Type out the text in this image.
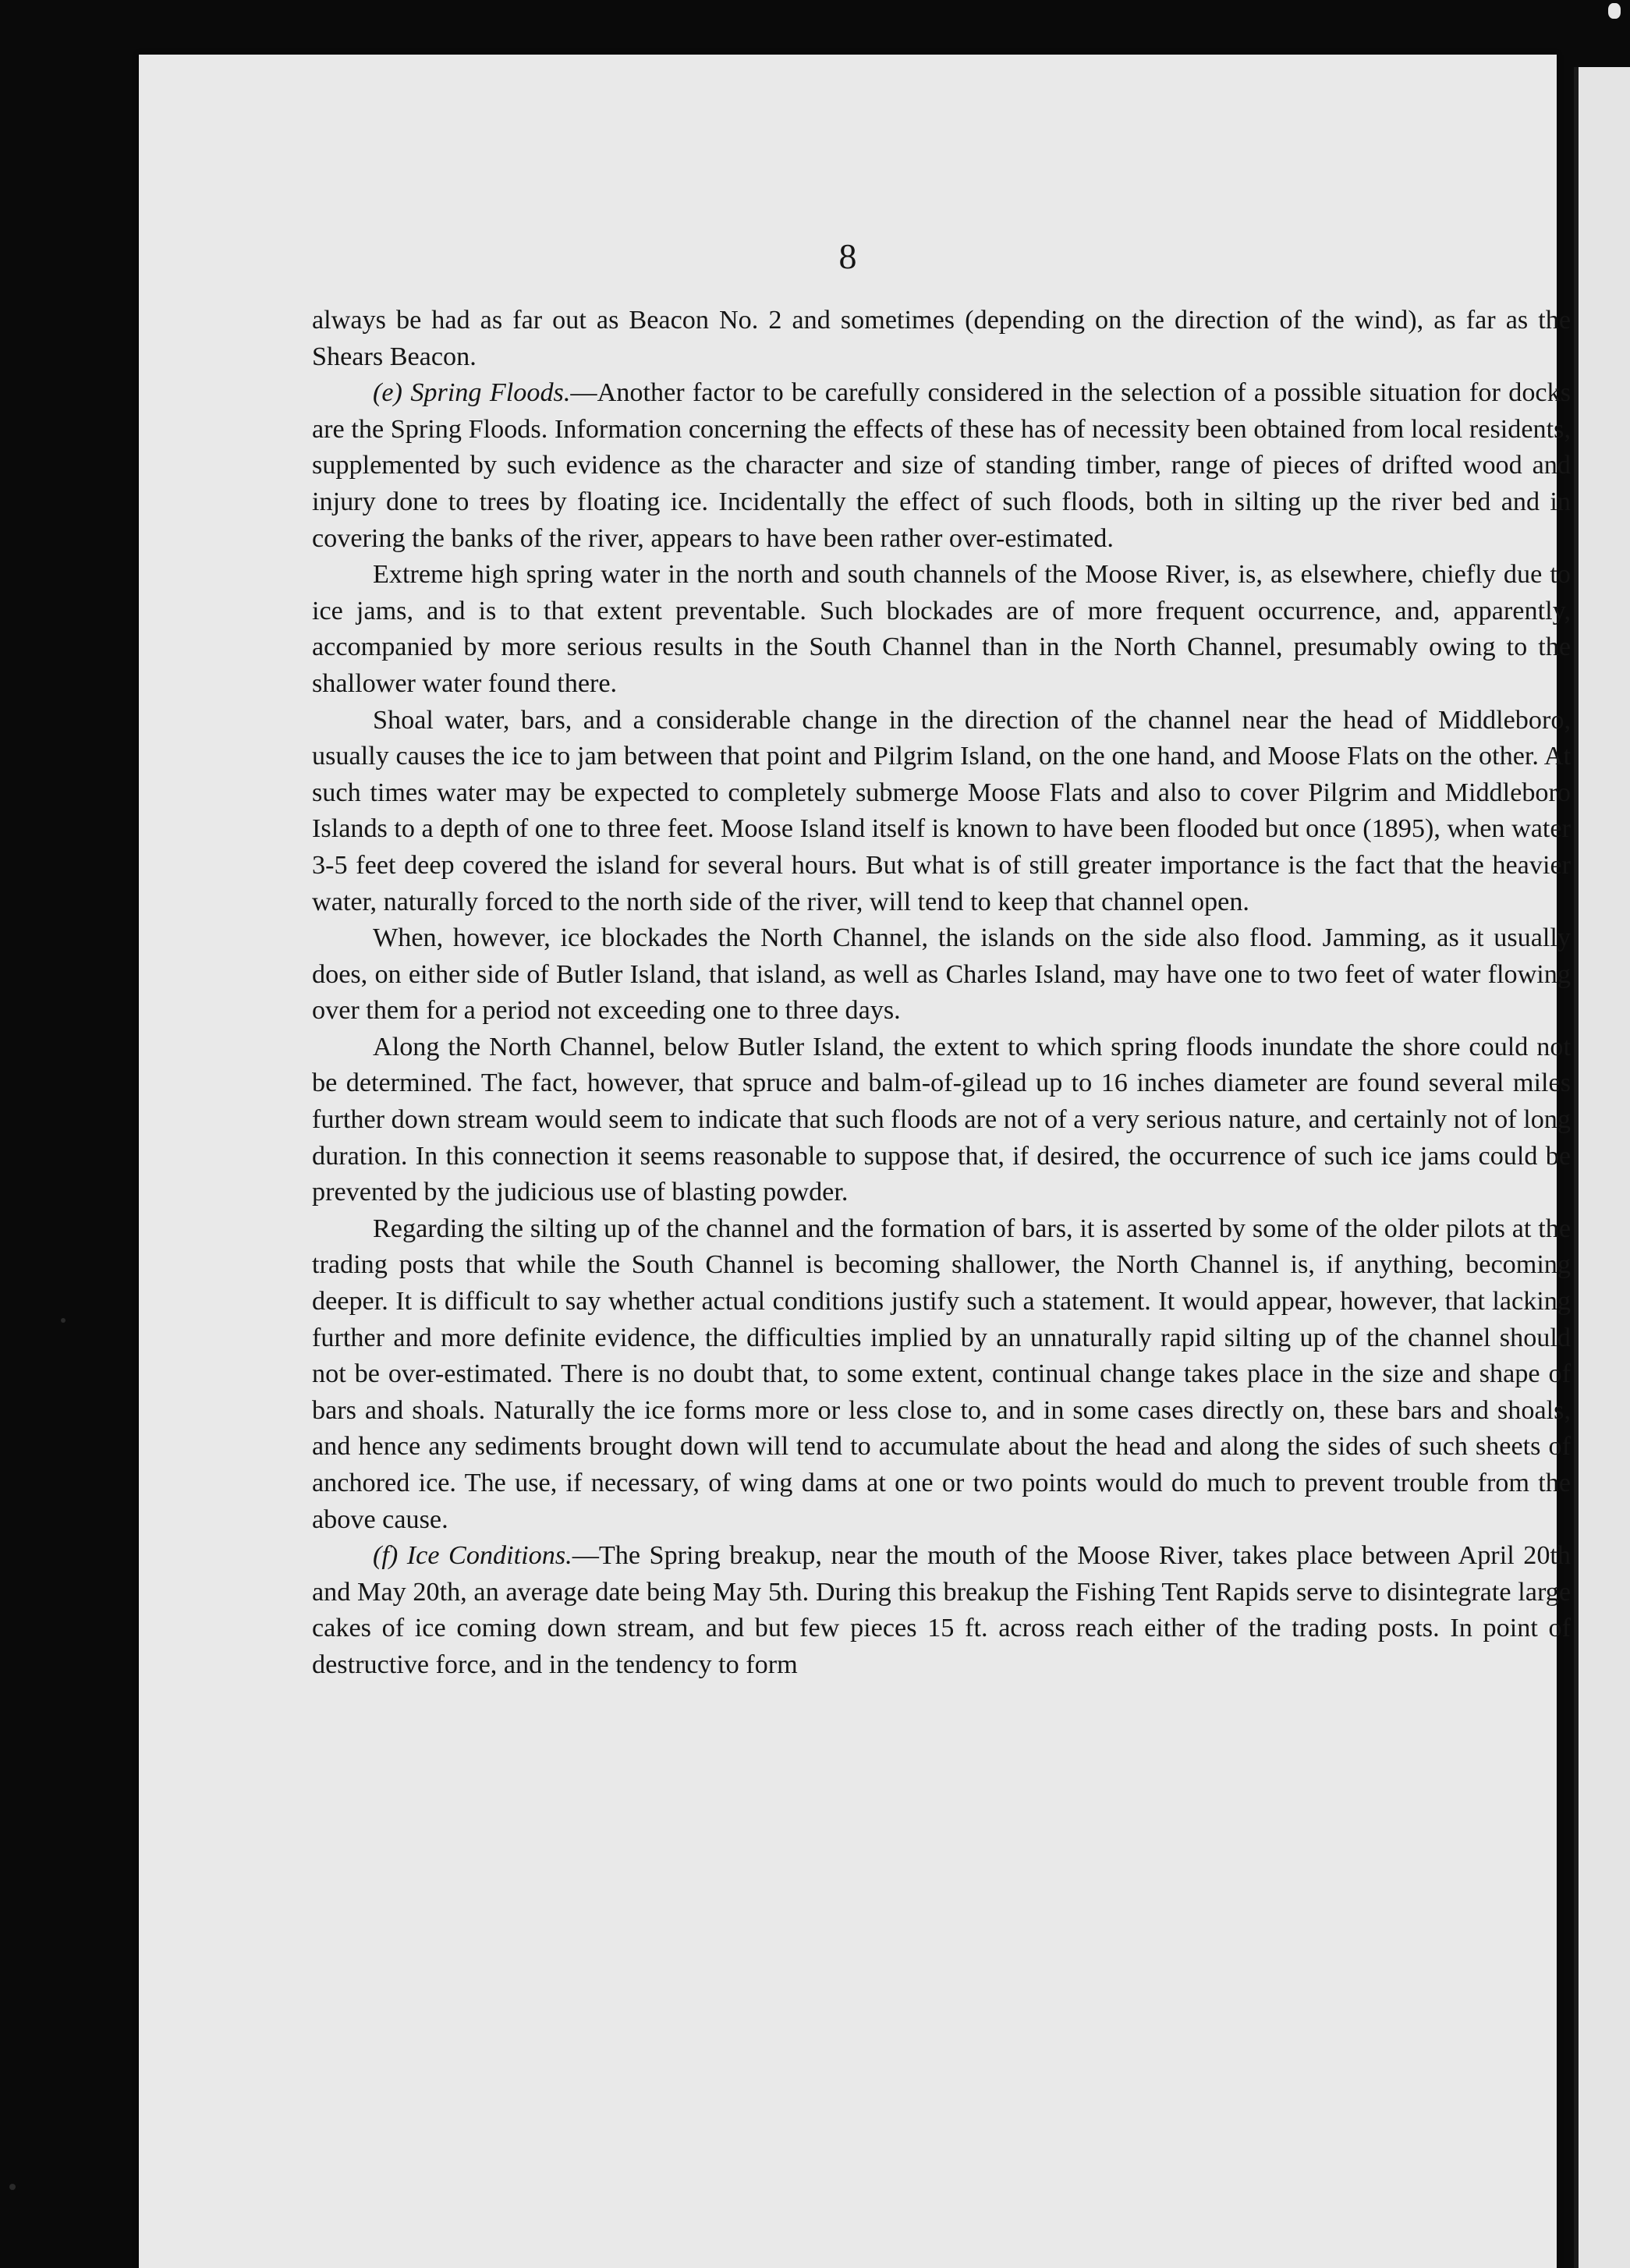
8

always be had as far out as Beacon No. 2 and sometimes (depending on the direction of the wind), as far as the Shears Beacon.

(e) Spring Floods.—Another factor to be carefully considered in the selection of a possible situation for docks are the Spring Floods. Information concerning the effects of these has of necessity been obtained from local residents, supplemented by such evidence as the character and size of standing timber, range of pieces of drifted wood and injury done to trees by floating ice. Incidentally the effect of such floods, both in silting up the river bed and in covering the banks of the river, appears to have been rather over-estimated.

Extreme high spring water in the north and south channels of the Moose River, is, as elsewhere, chiefly due to ice jams, and is to that extent preventable. Such blockades are of more frequent occurrence, and, apparently, accompanied by more serious results in the South Channel than in the North Channel, presumably owing to the shallower water found there.

Shoal water, bars, and a considerable change in the direction of the channel near the head of Middleboro, usually causes the ice to jam between that point and Pilgrim Island, on the one hand, and Moose Flats on the other. At such times water may be expected to completely submerge Moose Flats and also to cover Pilgrim and Middleboro Islands to a depth of one to three feet. Moose Island itself is known to have been flooded but once (1895), when water 3-5 feet deep covered the island for several hours. But what is of still greater importance is the fact that the heavier water, naturally forced to the north side of the river, will tend to keep that channel open.

When, however, ice blockades the North Channel, the islands on the side also flood. Jamming, as it usually does, on either side of Butler Island, that island, as well as Charles Island, may have one to two feet of water flowing over them for a period not exceeding one to three days.

Along the North Channel, below Butler Island, the extent to which spring floods inundate the shore could not be determined. The fact, however, that spruce and balm-of-gilead up to 16 inches diameter are found several miles further down stream would seem to indicate that such floods are not of a very serious nature, and certainly not of long duration. In this connection it seems reasonable to suppose that, if desired, the occurrence of such ice jams could be prevented by the judicious use of blasting powder.

Regarding the silting up of the channel and the formation of bars, it is asserted by some of the older pilots at the trading posts that while the South Channel is becoming shallower, the North Channel is, if anything, becoming deeper. It is difficult to say whether actual conditions justify such a statement. It would appear, however, that lacking further and more definite evidence, the difficulties implied by an unnaturally rapid silting up of the channel should not be over-estimated. There is no doubt that, to some extent, continual change takes place in the size and shape of bars and shoals. Naturally the ice forms more or less close to, and in some cases directly on, these bars and shoals, and hence any sediments brought down will tend to accumulate about the head and along the sides of such sheets of anchored ice. The use, if necessary, of wing dams at one or two points would do much to prevent trouble from the above cause.

(f) Ice Conditions.—The Spring breakup, near the mouth of the Moose River, takes place between April 20th and May 20th, an average date being May 5th. During this breakup the Fishing Tent Rapids serve to disintegrate large cakes of ice coming down stream, and but few pieces 15 ft. across reach either of the trading posts. In point of destructive force, and in the tendency to form
